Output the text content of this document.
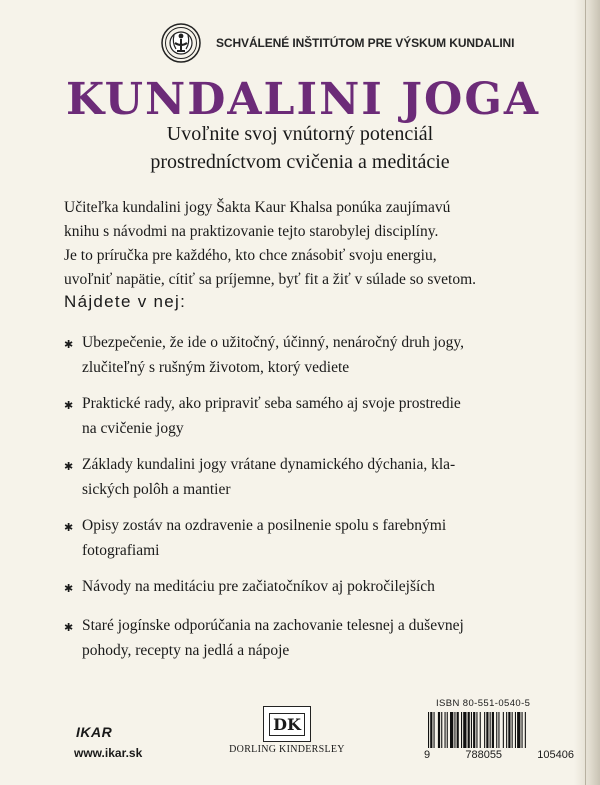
SCHVÁLENÉ INŠTITÚTOM PRE VÝSKUM KUNDALINI
KUNDALINI JOGA
Uvoľnite svoj vnútorný potenciál
prostredníctvom cvičenia a meditácie
Učiteľka kundalini jogy Šakta Kaur Khalsa ponúka zaujímavú
knihu s návodmi na praktizovanie tejto starobylej disciplíny.
Je to príručka pre každého, kto chce znásobiť svoju energiu,
uvoľniť napätie, cítiť sa príjemne, byť fit a žiť v súlade so svetom.
Nájdete v nej:
✱ Ubezpečenie, že ide o užitočný, účinný, nenáročný druh jogy,
zlučiteľný s rušným životom, ktorý vediete
✱ Praktické rady, ako pripraviť seba samého aj svoje prostredie
na cvičenie jogy
✱ Základy kundalini jogy vrátane dynamického dýchania, kla-
sických polôh a mantier
✱ Opisy zostáv na ozdravenie a posilnenie spolu s farebnými
fotografiami
✱ Návody na meditáciu pre začiatočníkov aj pokročilejších
✱ Staré jogínske odporúčania na zachovanie telesnej a duševnej
pohody, recepty na jedlá a nápoje
IKAR
www.ikar.sk
DK
DORLING KINDERSLEY
ISBN 80-551-0540-5
9	788055	105406
